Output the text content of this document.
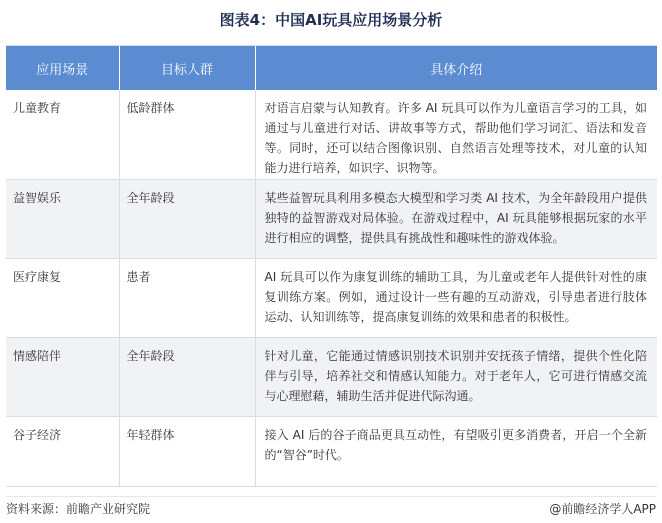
图表4：中国AI玩具应用场景分析
应用场景	目标人群	具体介绍
儿童教育	低龄群体	对语言启蒙与认知教育。许多 AI 玩具可以作为儿童语言学习的工具，如通过与儿童进行对话、讲故事等方式，帮助他们学习词汇、语法和发音等。同时，还可以结合图像识别、自然语言处理等技术，对儿童的认知能力进行培养，如识字、识物等。
益智娱乐	全年龄段	某些益智玩具利用多模态大模型和学习类 AI 技术，为全年龄段用户提供独特的益智游戏对局体验。在游戏过程中，AI 玩具能够根据玩家的水平进行相应的调整，提供具有挑战性和趣味性的游戏体验。
医疗康复	患者	AI 玩具可以作为康复训练的辅助工具，为儿童或老年人提供针对性的康复训练方案。例如，通过设计一些有趣的互动游戏，引导患者进行肢体运动、认知训练等，提高康复训练的效果和患者的积极性。
情感陪伴	全年龄段	针对儿童，它能通过情感识别技术识别并安抚孩子情绪，提供个性化陪伴与引导，培养社交和情感认知能力。对于老年人，它可进行情感交流与心理慰藉，辅助生活并促进代际沟通。
谷子经济	年轻群体	接入 AI 后的谷子商品更具互动性，有望吸引更多消费者，开启一个全新的“智谷”时代。
资料来源：前瞻产业研究院	@前瞻经济学人APP
